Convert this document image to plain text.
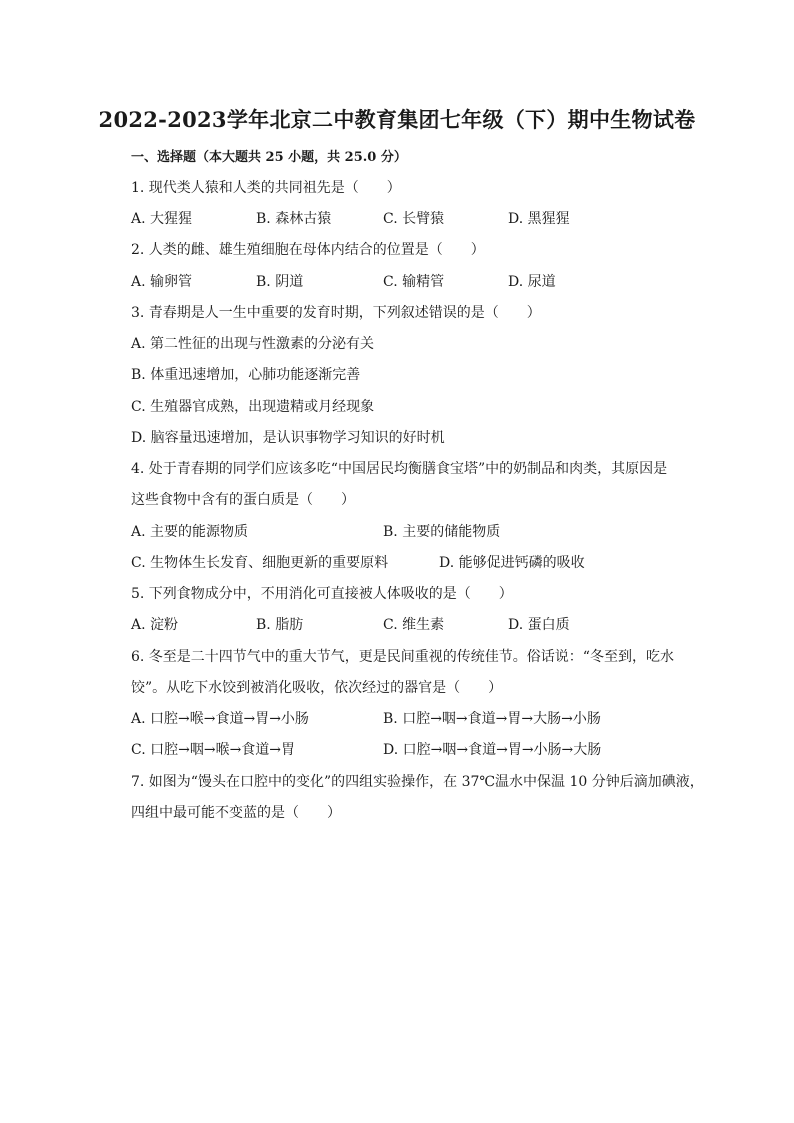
2022-2023学年北京二中教育集团七年级（下）期中生物试卷
一、选择题（本大题共 25 小题，共 25.0 分）
1. 现代类人猿和人类的共同祖先是（　　）
A. 大猩猩	B. 森林古猿	C. 长臂猿	D. 黑猩猩
2. 人类的雌、雄生殖细胞在母体内结合的位置是（　　）
A. 输卵管	B. 阴道	C. 输精管	D. 尿道
3. 青春期是人一生中重要的发育时期，下列叙述错误的是（　　）
A. 第二性征的出现与性激素的分泌有关
B. 体重迅速增加，心肺功能逐渐完善
C. 生殖器官成熟，出现遗精或月经现象
D. 脑容量迅速增加，是认识事物学习知识的好时机
4. 处于青春期的同学们应该多吃“中国居民均衡膳食宝塔”中的奶制品和肉类，其原因是
这些食物中含有的蛋白质是（　　）
A. 主要的能源物质	B. 主要的储能物质
C. 生物体生长发育、细胞更新的重要原料	D. 能够促进钙磷的吸收
5. 下列食物成分中，不用消化可直接被人体吸收的是（　　）
A. 淀粉	B. 脂肪	C. 维生素	D. 蛋白质
6. 冬至是二十四节气中的重大节气，更是民间重视的传统佳节。俗话说：“冬至到，吃水
饺”。从吃下水饺到被消化吸收，依次经过的器官是（　　）
A. 口腔→喉→食道→胃→小肠	B. 口腔→咽→食道→胃→大肠→小肠
C. 口腔→咽→喉→食道→胃	D. 口腔→咽→食道→胃→小肠→大肠
7. 如图为“馒头在口腔中的变化”的四组实验操作，在 37℃温水中保温 10 分钟后滴加碘液，
四组中最可能不变蓝的是（　　）
